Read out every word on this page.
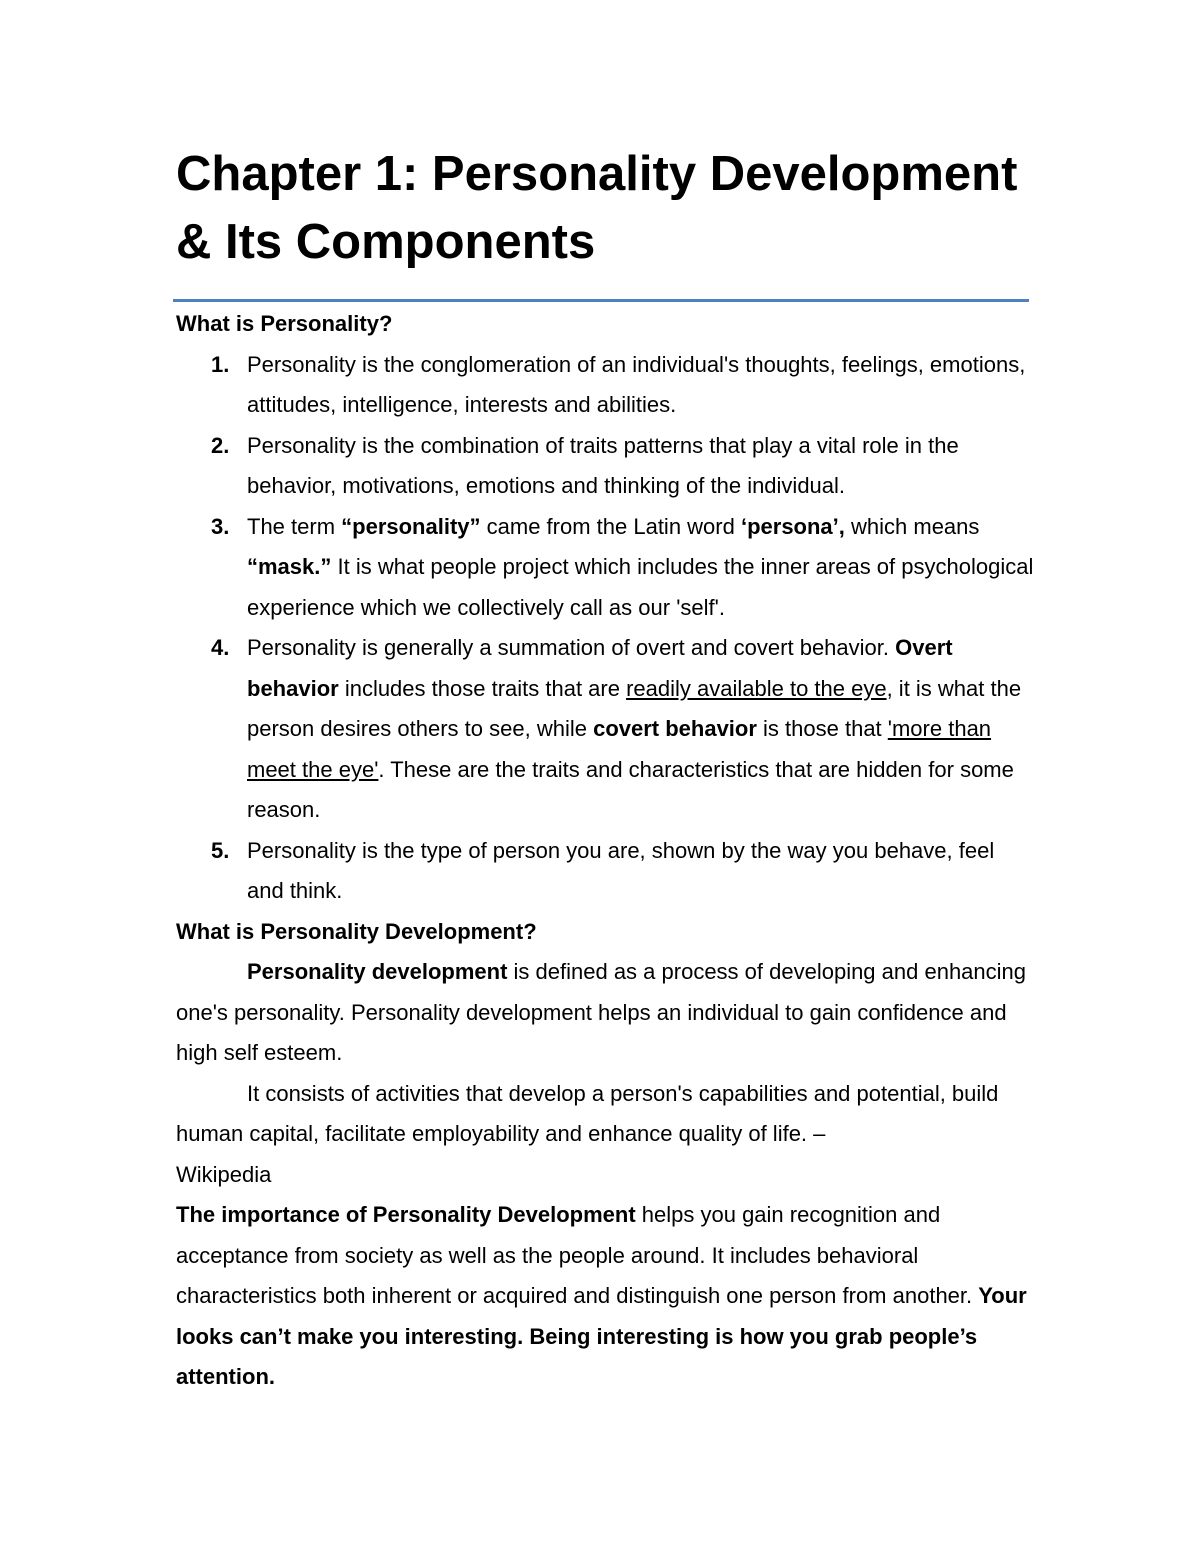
Chapter 1: Personality Development & Its Components

What is Personality?

1. Personality is the conglomeration of an individual's thoughts, feelings, emotions, attitudes, intelligence, interests and abilities.
2. Personality is the combination of traits patterns that play a vital role in the behavior, motivations, emotions and thinking of the individual.
3. The term “personality” came from the Latin word ‘persona’, which means “mask.” It is what people project which includes the inner areas of psychological experience which we collectively call as our 'self'.
4. Personality is generally a summation of overt and covert behavior. Overt behavior includes those traits that are readily available to the eye, it is what the person desires others to see, while covert behavior is those that 'more than meet the eye'. These are the traits and characteristics that are hidden for some reason.
5. Personality is the type of person you are, shown by the way you behave, feel and think.

What is Personality Development?

Personality development is defined as a process of developing and enhancing one's personality. Personality development helps an individual to gain confidence and high self esteem.

It consists of activities that develop a person's capabilities and potential, build human capital, facilitate employability and enhance quality of life. –
Wikipedia

The importance of Personality Development helps you gain recognition and acceptance from society as well as the people around. It includes behavioral characteristics both inherent or acquired and distinguish one person from another. Your looks can’t make you interesting. Being interesting is how you grab people’s attention.
